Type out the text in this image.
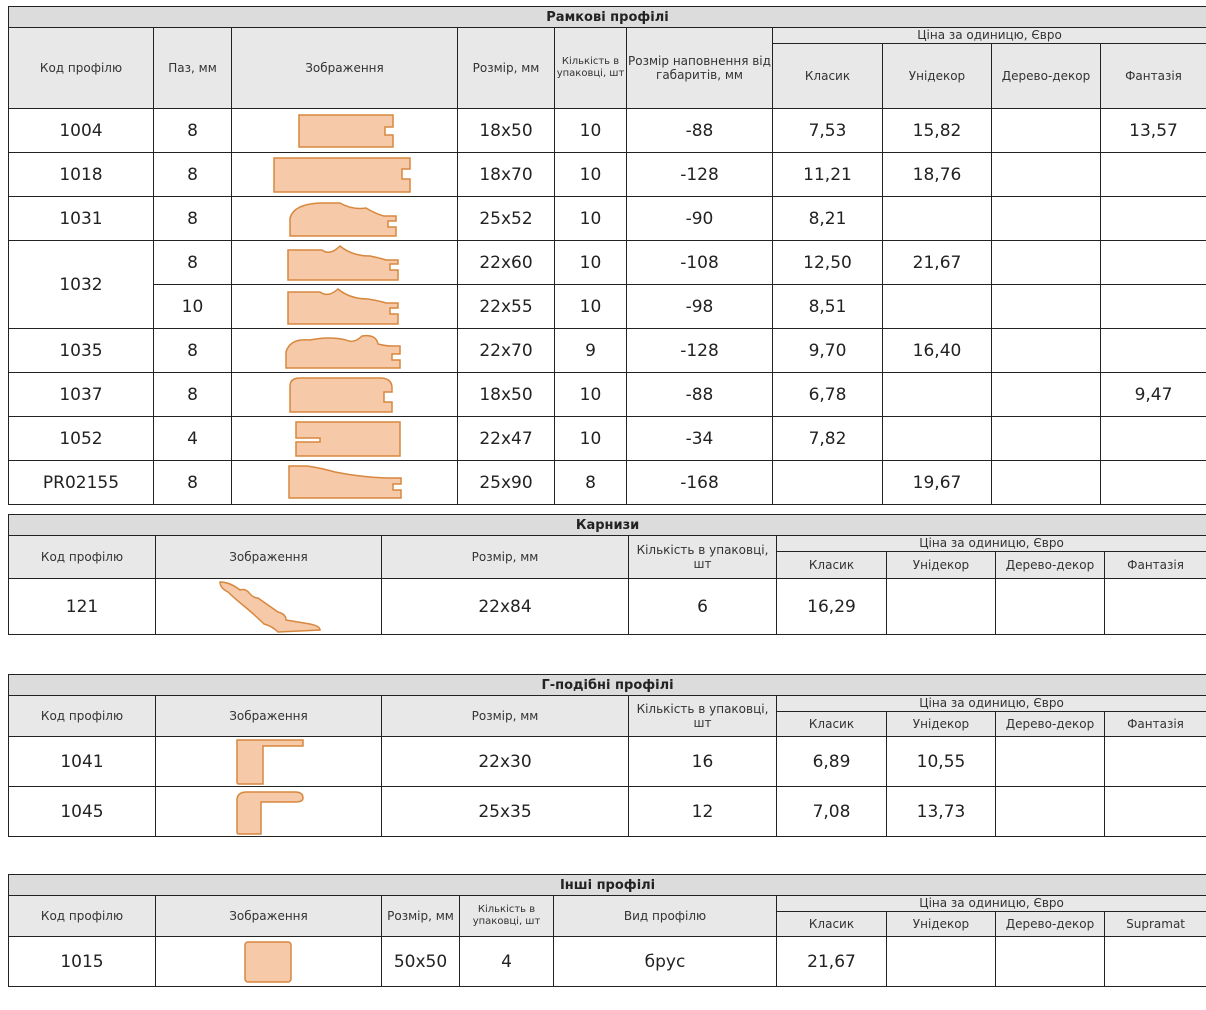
Рамкові профілі									
Код профілю	Паз, мм	Зображення	Розмір, мм	Кількість в упаковці, шт	Розмір наповнення від габаритів, мм	Ціна за одиницю, Євро			
						Класик	Унідекор	Дерево-декор	Фантазія
1004	8		18x50	10	-88	7,53	15,82		13,57
1018	8		18x70	10	-128	11,21	18,76		
1031	8		25x52	10	-90	8,21			
1032	8		22x60	10	-108	12,50	21,67		
	10		22x55	10	-98	8,51			
1035	8		22x70	9	-128	9,70	16,40		
1037	8		18x50	10	-88	6,78			9,47
1052	4		22x47	10	-34	7,82			
PR02155	8		25x90	8	-168		19,67		
Карнизи							
Код профілю	Зображення	Розмір, мм	Кількість в упаковці, шт	Ціна за одиницю, Євро			
				Класик	Унідекор	Дерево-декор	Фантазія
121		22x84	6	16,29			
Г-подібні профілі							
Код профілю	Зображення	Розмір, мм	Кількість в упаковці, шт	Ціна за одиницю, Євро			
				Класик	Унідекор	Дерево-декор	Фантазія
1041		22x30	16	6,89	10,55		
1045		25x35	12	7,08	13,73		
Інші профілі								
Код профілю	Зображення	Розмір, мм	Кількість в упаковці, шт	Вид профілю	Ціна за одиницю, Євро			
					Класик	Унідекор	Дерево-декор	Supramat
1015		50x50	4	брус	21,67			
